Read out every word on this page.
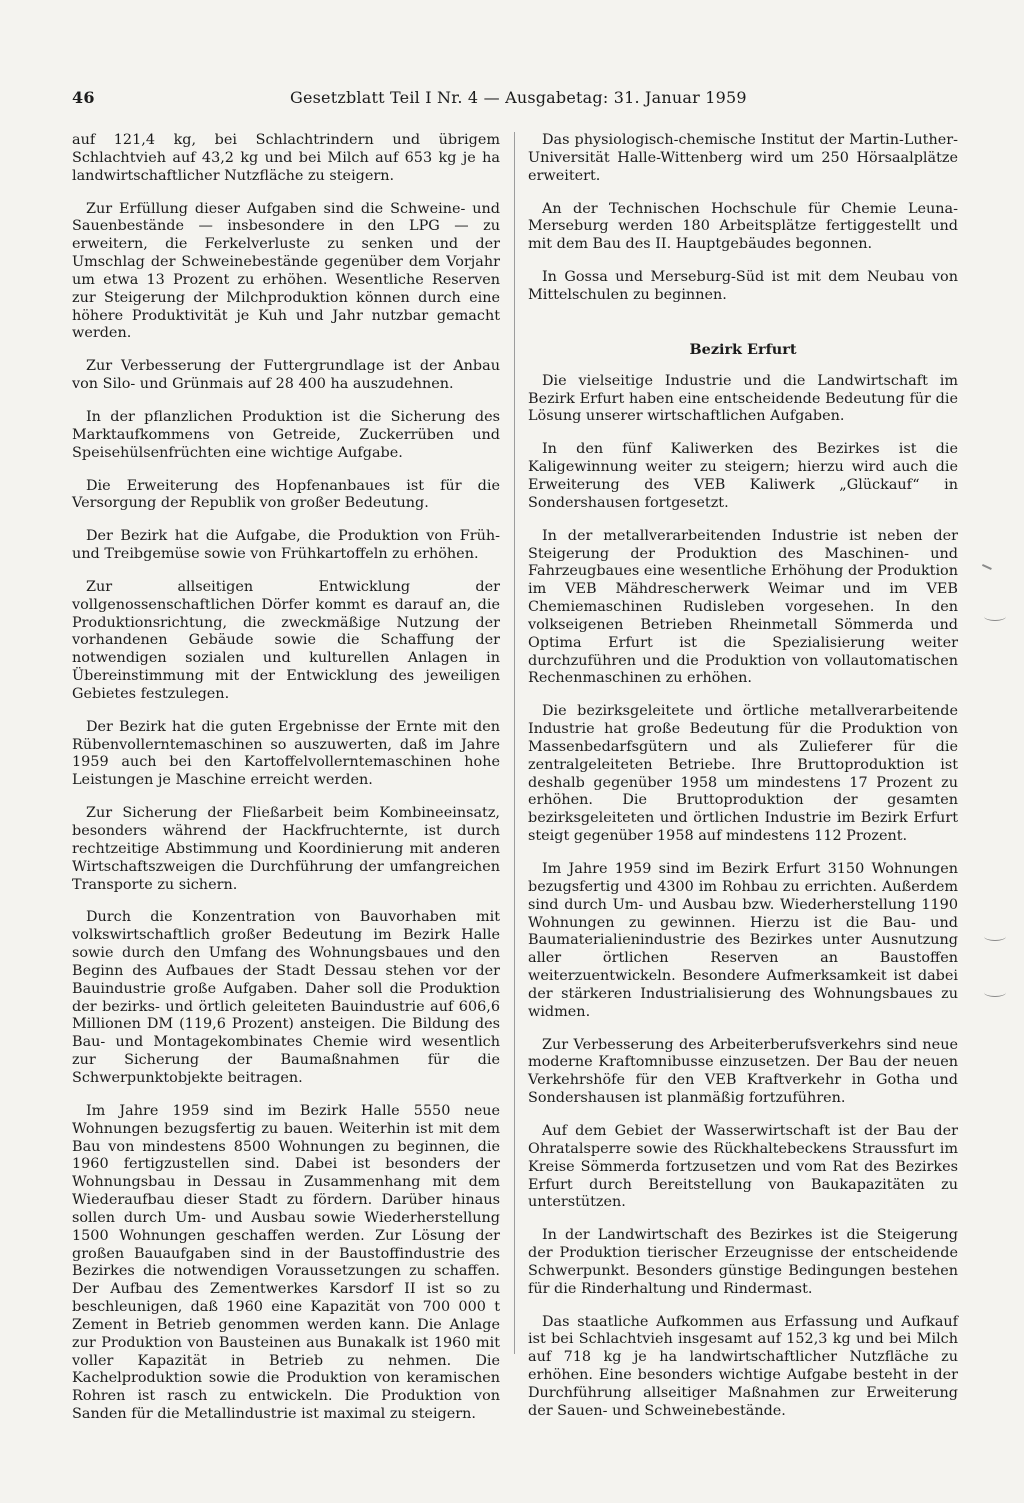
46	Gesetzblatt Teil I Nr. 4 — Ausgabetag: 31. Januar 1959

auf 121,4 kg, bei Schlachtrindern und übrigem Schlachtvieh auf 43,2 kg und bei Milch auf 653 kg je ha landwirtschaftlicher Nutzfläche zu steigern.

Zur Erfüllung dieser Aufgaben sind die Schweine- und Sauenbestände — insbesondere in den LPG — zu erweitern, die Ferkelverluste zu senken und der Umschlag der Schweinebestände gegenüber dem Vorjahr um etwa 13 Prozent zu erhöhen. Wesentliche Reserven zur Steigerung der Milchproduktion können durch eine höhere Produktivität je Kuh und Jahr nutzbar gemacht werden.

Zur Verbesserung der Futtergrundlage ist der Anbau von Silo- und Grünmais auf 28 400 ha auszudehnen.

In der pflanzlichen Produktion ist die Sicherung des Marktaufkommens von Getreide, Zuckerrüben und Speisehülsenfrüchten eine wichtige Aufgabe.

Die Erweiterung des Hopfenanbaues ist für die Versorgung der Republik von großer Bedeutung.

Der Bezirk hat die Aufgabe, die Produktion von Früh- und Treibgemüse sowie von Frühkartoffeln zu erhöhen.

Zur allseitigen Entwicklung der vollgenossenschaftlichen Dörfer kommt es darauf an, die Produktionsrichtung, die zweckmäßige Nutzung der vorhandenen Gebäude sowie die Schaffung der notwendigen sozialen und kulturellen Anlagen in Übereinstimmung mit der Entwicklung des jeweiligen Gebietes festzulegen.

Der Bezirk hat die guten Ergebnisse der Ernte mit den Rübenvollerntemaschinen so auszuwerten, daß im Jahre 1959 auch bei den Kartoffelvollerntemaschinen hohe Leistungen je Maschine erreicht werden.

Zur Sicherung der Fließarbeit beim Kombineeinsatz, besonders während der Hackfruchternte, ist durch rechtzeitige Abstimmung und Koordinierung mit anderen Wirtschaftszweigen die Durchführung der umfangreichen Transporte zu sichern.

Durch die Konzentration von Bauvorhaben mit volkswirtschaftlich großer Bedeutung im Bezirk Halle sowie durch den Umfang des Wohnungsbaues und den Beginn des Aufbaues der Stadt Dessau stehen vor der Bauindustrie große Aufgaben. Daher soll die Produktion der bezirks- und örtlich geleiteten Bauindustrie auf 606,6 Millionen DM (119,6 Prozent) ansteigen. Die Bildung des Bau- und Montagekombinates Chemie wird wesentlich zur Sicherung der Baumaßnahmen für die Schwerpunktobjekte beitragen.

Im Jahre 1959 sind im Bezirk Halle 5550 neue Wohnungen bezugsfertig zu bauen. Weiterhin ist mit dem Bau von mindestens 8500 Wohnungen zu beginnen, die 1960 fertigzustellen sind. Dabei ist besonders der Wohnungsbau in Dessau in Zusammenhang mit dem Wiederaufbau dieser Stadt zu fördern. Darüber hinaus sollen durch Um- und Ausbau sowie Wiederherstellung 1500 Wohnungen geschaffen werden. Zur Lösung der großen Bauaufgaben sind in der Baustoffindustrie des Bezirkes die notwendigen Voraussetzungen zu schaffen. Der Aufbau des Zementwerkes Karsdorf II ist so zu beschleunigen, daß 1960 eine Kapazität von 700 000 t Zement in Betrieb genommen werden kann. Die Anlage zur Produktion von Bausteinen aus Bunakalk ist 1960 mit voller Kapazität in Betrieb zu nehmen. Die Kachelproduktion sowie die Produktion von keramischen Rohren ist rasch zu entwickeln. Die Produktion von Sanden für die Metallindustrie ist maximal zu steigern.

Das physiologisch-chemische Institut der Martin-Luther-Universität Halle-Wittenberg wird um 250 Hörsaalplätze erweitert.

An der Technischen Hochschule für Chemie Leuna-Merseburg werden 180 Arbeitsplätze fertiggestellt und mit dem Bau des II. Hauptgebäudes begonnen.

In Gossa und Merseburg-Süd ist mit dem Neubau von Mittelschulen zu beginnen.

Bezirk Erfurt

Die vielseitige Industrie und die Landwirtschaft im Bezirk Erfurt haben eine entscheidende Bedeutung für die Lösung unserer wirtschaftlichen Aufgaben.

In den fünf Kaliwerken des Bezirkes ist die Kaligewinnung weiter zu steigern; hierzu wird auch die Erweiterung des VEB Kaliwerk „Glückauf“ in Sondershausen fortgesetzt.

In der metallverarbeitenden Industrie ist neben der Steigerung der Produktion des Maschinen- und Fahrzeugbaues eine wesentliche Erhöhung der Produktion im VEB Mähdrescherwerk Weimar und im VEB Chemiemaschinen Rudisleben vorgesehen. In den volkseigenen Betrieben Rheinmetall Sömmerda und Optima Erfurt ist die Spezialisierung weiter durchzuführen und die Produktion von vollautomatischen Rechenmaschinen zu erhöhen.

Die bezirksgeleitete und örtliche metallverarbeitende Industrie hat große Bedeutung für die Produktion von Massenbedarfsgütern und als Zulieferer für die zentralgeleiteten Betriebe. Ihre Bruttoproduktion ist deshalb gegenüber 1958 um mindestens 17 Prozent zu erhöhen. Die Bruttoproduktion der gesamten bezirksgeleiteten und örtlichen Industrie im Bezirk Erfurt steigt gegenüber 1958 auf mindestens 112 Prozent.

Im Jahre 1959 sind im Bezirk Erfurt 3150 Wohnungen bezugsfertig und 4300 im Rohbau zu errichten. Außerdem sind durch Um- und Ausbau bzw. Wiederherstellung 1190 Wohnungen zu gewinnen. Hierzu ist die Bau- und Baumaterialienindustrie des Bezirkes unter Ausnutzung aller örtlichen Reserven an Baustoffen weiterzuentwickeln. Besondere Aufmerksamkeit ist dabei der stärkeren Industrialisierung des Wohnungsbaues zu widmen.

Zur Verbesserung des Arbeiterberufsverkehrs sind neue moderne Kraftomnibusse einzusetzen. Der Bau der neuen Verkehrshöfe für den VEB Kraftverkehr in Gotha und Sondershausen ist planmäßig fortzuführen.

Auf dem Gebiet der Wasserwirtschaft ist der Bau der Ohratalsperre sowie des Rückhaltebeckens Straussfurt im Kreise Sömmerda fortzusetzen und vom Rat des Bezirkes Erfurt durch Bereitstellung von Baukapazitäten zu unterstützen.

In der Landwirtschaft des Bezirkes ist die Steigerung der Produktion tierischer Erzeugnisse der entscheidende Schwerpunkt. Besonders günstige Bedingungen bestehen für die Rinderhaltung und Rindermast.

Das staatliche Aufkommen aus Erfassung und Aufkauf ist bei Schlachtvieh insgesamt auf 152,3 kg und bei Milch auf 718 kg je ha landwirtschaftlicher Nutzfläche zu erhöhen. Eine besonders wichtige Aufgabe besteht in der Durchführung allseitiger Maßnahmen zur Erweiterung der Sauen- und Schweinebestände.
